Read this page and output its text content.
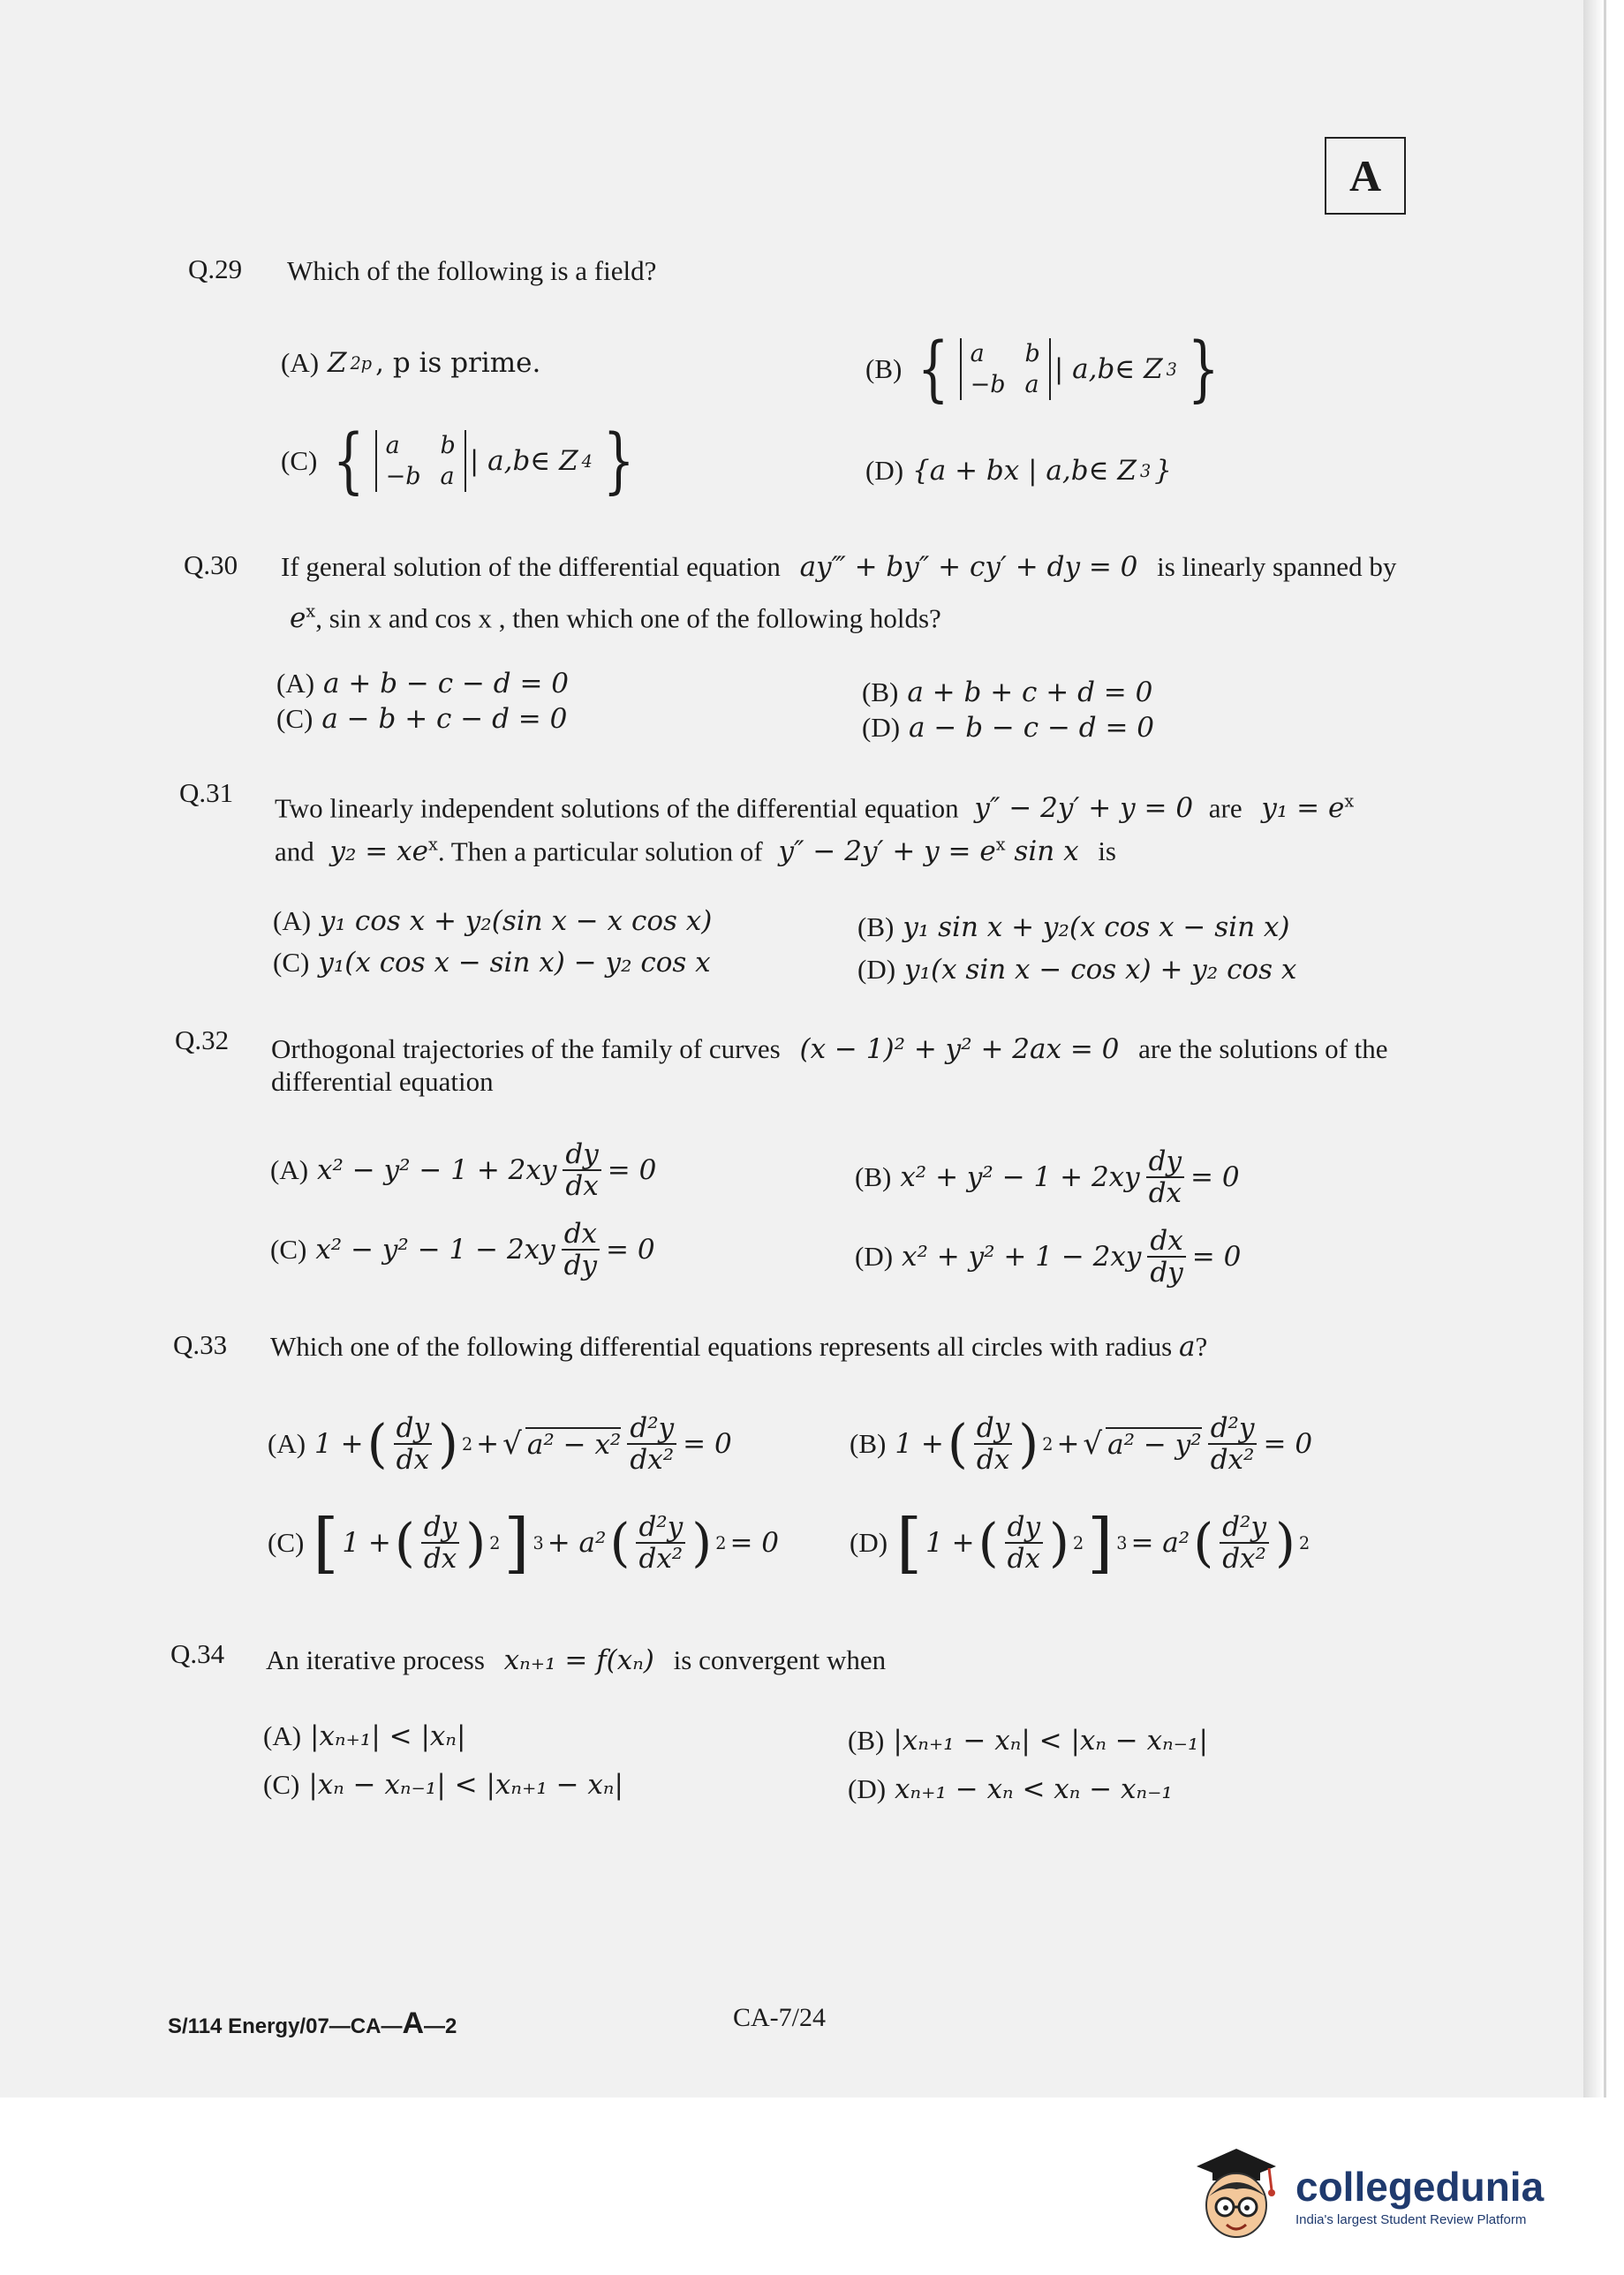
A
Q.29 Which of the following is a field?
(A) Z 2p , p is prime.	(B) { a	b
−b a | a,b∈ Z 3 }
(C) { a	b
−b a | a,b∈ Z 4 }	(D) {a + bx | a,b∈ Z 3 }
Q.30 If general solution of the differential equation ay‴ + by″ + cy′ + dy = 0 is linearly spanned by
$e^x$, sin x and cos x , then which one of the following holds?
(A) a + b − c − d = 0	(B) a + b + c + d = 0
(C) a − b + c − d = 0	(D) a − b − c − d = 0
Q.31 Two linearly independent solutions of the differential equation y″ − 2y′ + y = 0 are $y_1 = e^x$
and $y_2 = xe^x$. Then a particular solution of $y'' - 2y' + y = e^x$ sin x is
(A) y₁ cos x + y₂(sin x − x cos x)	(B) y₁ sin x + y₂(x cos x − sin x)
(C) y₁(x cos x − sin x) − y₂ cos x	(D) y₁(x sin x − cos x) + y₂ cos x
Q.32 Orthogonal trajectories of the family of curves (x − 1)² + y² + 2ax = 0 are the solutions of the
differential equation
(A) $x^2 - y^2 - 1 + 2xy \frac{dy}{dx} = 0$	(B) $x^2 + y^2 - 1 + 2xy \frac{dy}{dx} = 0$
(C) $x^2 - y^2 - 1 - 2xy \frac{dx}{dy} = 0$	(D) $x^2 + y^2 + 1 - 2xy \frac{dx}{dy} = 0$
Q.33 Which one of the following differential equations represents all circles with radius a?
(A) 1 + ( $\frac{dy}{dx}$ ) 2 + √ $a^2 - x^2 \frac{\text{d²y}}{\text{dx²}} = 0$	(B) 1 + ( $\frac{dy}{dx}$ ) 2 + √ $a^2 - y^2 \frac{\text{d²y}}{\text{dx²}} = 0$
(C) [ 1 + ( $\frac{dy}{dx}$ ) 2 ] 3 + a² ( $\frac{\text{d²y}}{\text{dx²}}$ ) 2 = 0	(D) [ 1 + ( $\frac{dy}{dx}$ ) 2 ] 3 = a² ( $\frac{\text{d²y}}{\text{dx²}}$ ) 2
Q.34 An iterative process xₙ₊₁ = f(xₙ) is convergent when
(A) |xₙ₊₁| < |xₙ|	(B) |xₙ₊₁ − xₙ| < |xₙ − xₙ₋₁|
(C) |xₙ − xₙ₋₁| < |xₙ₊₁ − xₙ|	(D) xₙ₊₁ − xₙ < xₙ − xₙ₋₁
S/114 Energy/07—CA—A—2	CA-7/24
collegedunia
India's largest Student Review Platform
